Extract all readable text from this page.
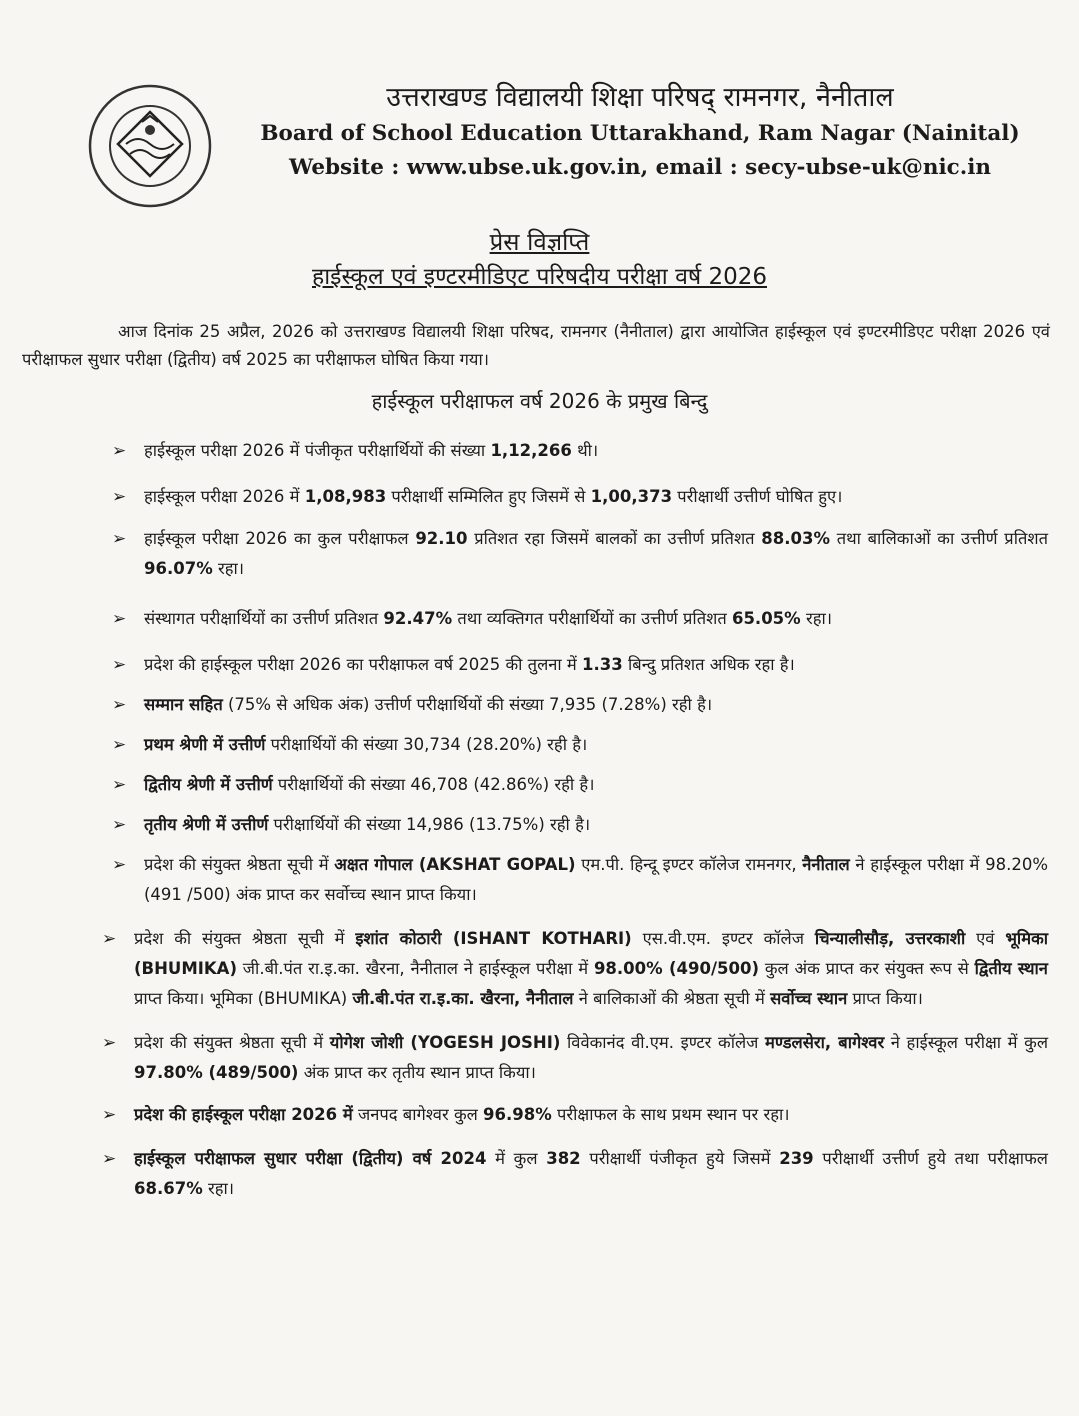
उत्तराखण्ड विद्यालयी शिक्षा परिषद् रामनगर, नैनीताल

Board of School Education Uttarakhand, Ram Nagar (Nainital)

Website : www.ubse.uk.gov.in, email : secy-ubse-uk@nic.in

प्रेस विज्ञप्ति
हाईस्कूल एवं इण्टरमीडिएट परिषदीय परीक्षा वर्ष 2026

आज दिनांक 25 अप्रैल, 2026 को उत्तराखण्ड विद्यालयी शिक्षा परिषद, रामनगर (नैनीताल) द्वारा आयोजित हाईस्कूल एवं इण्टरमीडिएट परीक्षा 2026 एवं परीक्षाफल सुधार परीक्षा (द्वितीय) वर्ष 2025 का परीक्षाफल घोषित किया गया।

हाईस्कूल परीक्षाफल वर्ष 2026 के प्रमुख बिन्दु
➢ हाईस्कूल परीक्षा 2026 में पंजीकृत परीक्षार्थियों की संख्या 1,12,266 थी।
➢ हाईस्कूल परीक्षा 2026 में 1,08,983 परीक्षार्थी सम्मिलित हुए जिसमें से 1,00,373 परीक्षार्थी उत्तीर्ण घोषित हुए।
➢ हाईस्कूल परीक्षा 2026 का कुल परीक्षाफल 92.10 प्रतिशत रहा जिसमें बालकों का उत्तीर्ण प्रतिशत 88.03% तथा बालिकाओं का उत्तीर्ण प्रतिशत 96.07% रहा।
➢ संस्थागत परीक्षार्थियों का उत्तीर्ण प्रतिशत 92.47% तथा व्यक्तिगत परीक्षार्थियों का उत्तीर्ण प्रतिशत 65.05% रहा।
➢ प्रदेश की हाईस्कूल परीक्षा 2026 का परीक्षाफल वर्ष 2025 की तुलना में 1.33 बिन्दु प्रतिशत अधिक रहा है।
➢ सम्मान सहित (75% से अधिक अंक) उत्तीर्ण परीक्षार्थियों की संख्या 7,935 (7.28%) रही है।
➢ प्रथम श्रेणी में उत्तीर्ण परीक्षार्थियों की संख्या 30,734 (28.20%) रही है।
➢ द्वितीय श्रेणी में उत्तीर्ण परीक्षार्थियों की संख्या 46,708 (42.86%) रही है।
➢ तृतीय श्रेणी में उत्तीर्ण परीक्षार्थियों की संख्या 14,986 (13.75%) रही है।
➢ प्रदेश की संयुक्त श्रेष्ठता सूची में अक्षत गोपाल (AKSHAT GOPAL) एम.पी. हिन्दू इण्टर कॉलेज रामनगर, नैनीताल ने हाईस्कूल परीक्षा में 98.20% (491 /500) अंक प्राप्त कर सर्वोच्च स्थान प्राप्त किया।
➢ प्रदेश की संयुक्त श्रेष्ठता सूची में इशांत कोठारी (ISHANT KOTHARI) एस.वी.एम. इण्टर कॉलेज चिन्यालीसौड़, उत्तरकाशी एवं भूमिका (BHUMIKA) जी.बी.पंत रा.इ.का. खैरना, नैनीताल ने हाईस्कूल परीक्षा में 98.00% (490/500) कुल अंक प्राप्त कर संयुक्त रूप से द्वितीय स्थान प्राप्त किया। भूमिका (BHUMIKA) जी.बी.पंत रा.इ.का. खैरना, नैनीताल ने बालिकाओं की श्रेष्ठता सूची में सर्वोच्च स्थान प्राप्त किया।
➢ प्रदेश की संयुक्त श्रेष्ठता सूची में योगेश जोशी (YOGESH JOSHI) विवेकानंद वी.एम. इण्टर कॉलेज मण्डलसेरा, बागेश्वर ने हाईस्कूल परीक्षा में कुल 97.80% (489/500) अंक प्राप्त कर तृतीय स्थान प्राप्त किया।
➢ प्रदेश की हाईस्कूल परीक्षा 2026 में जनपद बागेश्वर कुल 96.98% परीक्षाफल के साथ प्रथम स्थान पर रहा।
➢ हाईस्कूल परीक्षाफल सुधार परीक्षा (द्वितीय) वर्ष 2024 में कुल 382 परीक्षार्थी पंजीकृत हुये जिसमें 239 परीक्षार्थी उत्तीर्ण हुये तथा परीक्षाफल 68.67% रहा।
